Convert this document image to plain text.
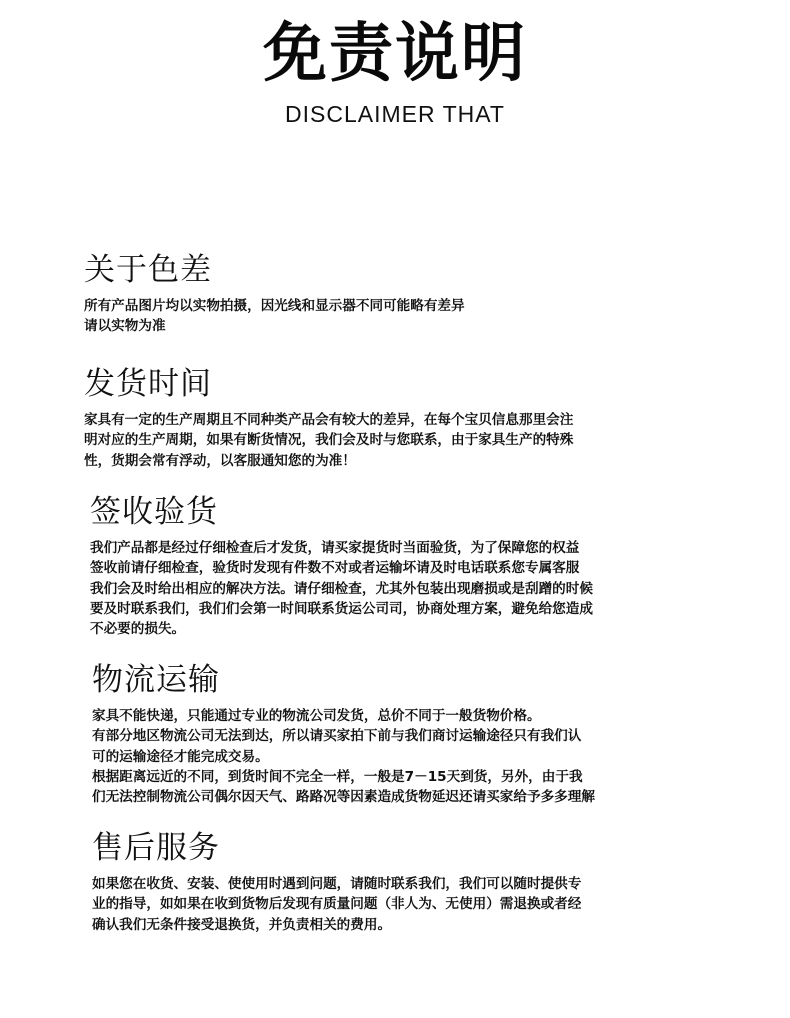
免责说明
DISCLAIMER THAT
关于色差

所有产品图片均以实物拍摄，因光线和显示器不同可能略有差异
请以实物为准

发货时间

家具有一定的生产周期且不同种类产品会有较大的差异，在每个宝贝信息那里会注
明对应的生产周期，如果有断货情况，我们会及时与您联系，由于家具生产的特殊
性，货期会常有浮动，以客服通知您的为准！

签收验货

我们产品都是经过仔细检查后才发货，请买家提货时当面验货，为了保障您的权益
签收前请仔细检查，验货时发现有件数不对或者运输坏请及时电话联系您专属客服
我们会及时给出相应的解决方法。请仔细检查，尤其外包装出现磨损或是刮蹭的时候
要及时联系我们，我们们会第一时间联系货运公司司，协商处理方案，避免给您造成
不必要的损失。

物流运输

家具不能快递，只能通过专业的物流公司发货，总价不同于一般货物价格。
有部分地区物流公司无法到达，所以请买家拍下前与我们商讨运输途径只有我们认
可的运输途径才能完成交易。
根据距离远近的不同，到货时间不完全一样，一般是7－15天到货，另外，由于我
们无法控制物流公司偶尔因天气、路路况等因素造成货物延迟还请买家给予多多理解

售后服务

如果您在收货、安装、使使用时遇到问题，请随时联系我们，我们可以随时提供专
业的指导，如如果在收到货物后发现有质量问题（非人为、无使用）需退换或者经
确认我们无条件接受退换货，并负责相关的费用。
